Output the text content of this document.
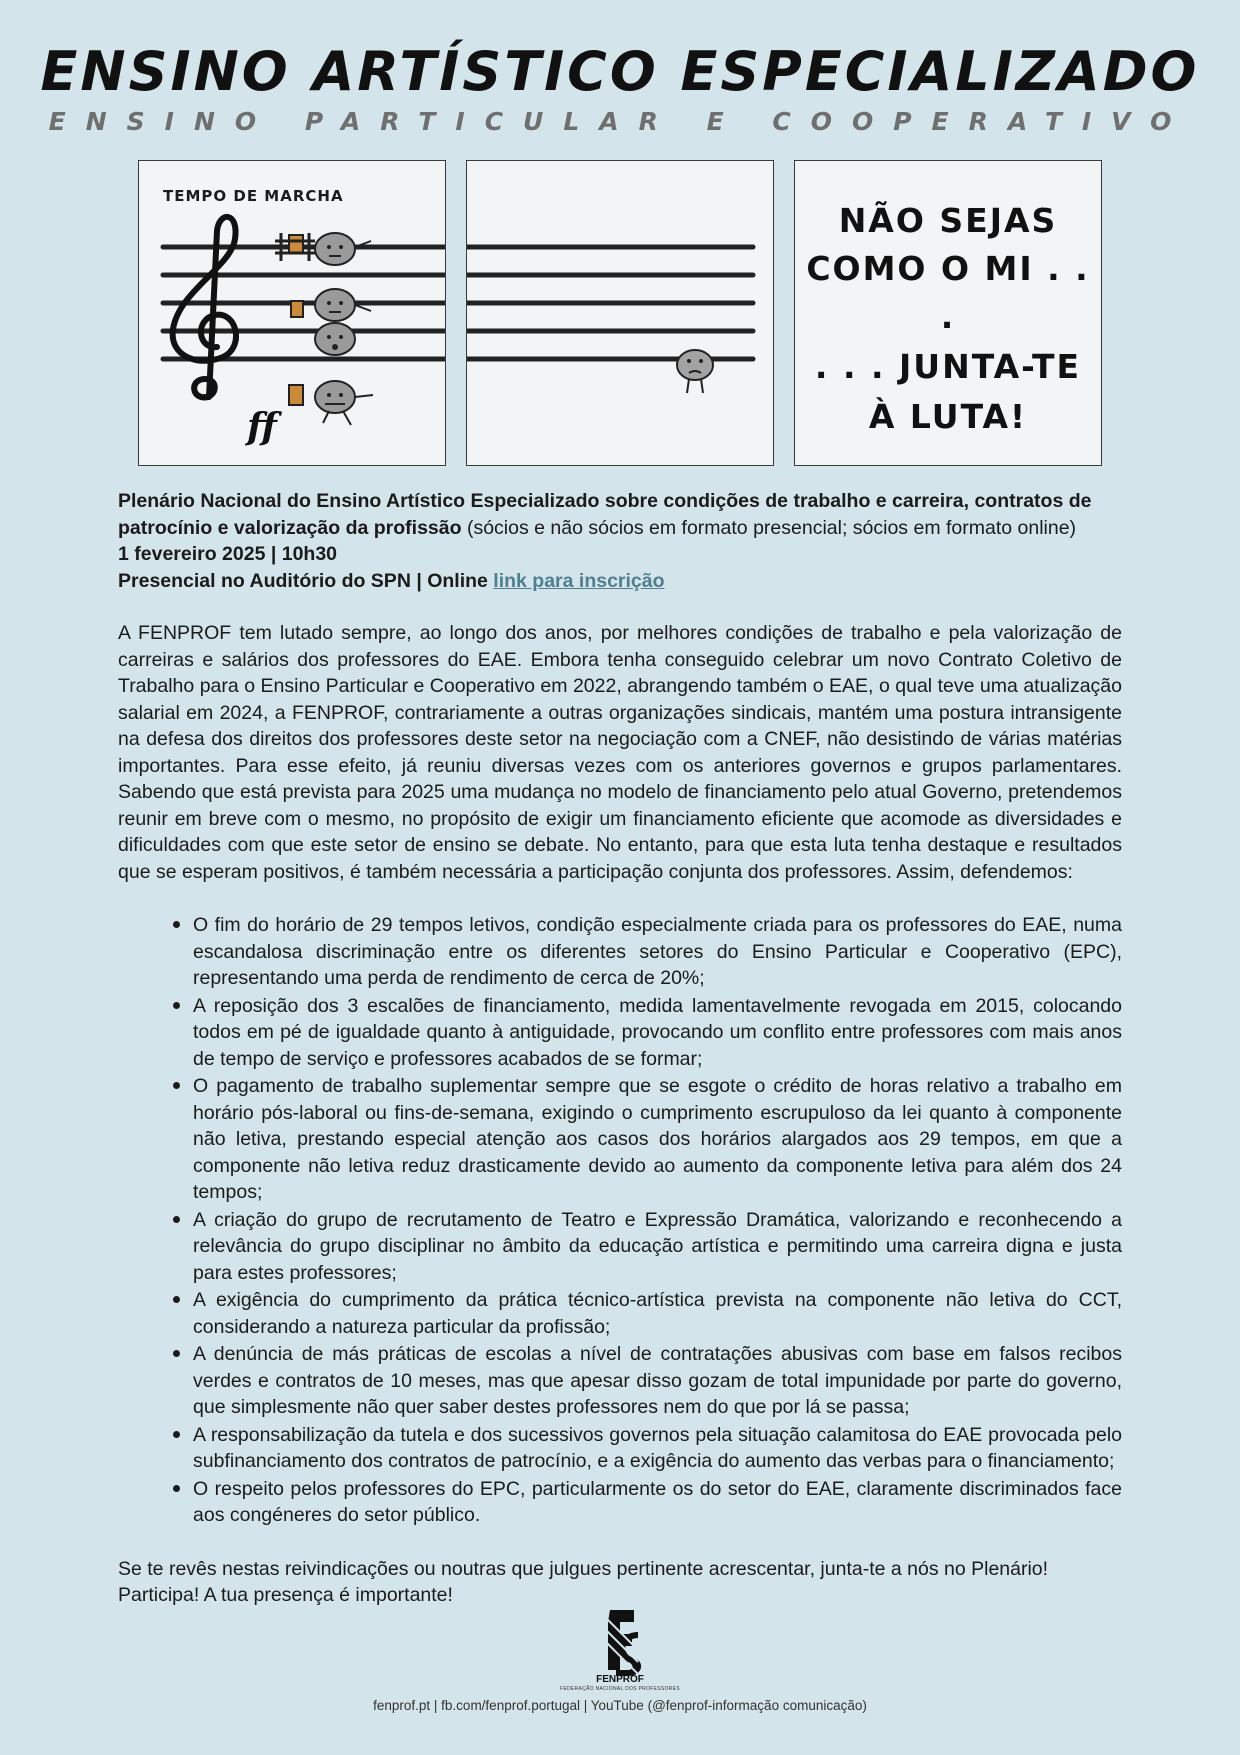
ENSINO ARTÍSTICO ESPECIALIZADO
ENSINO PARTICULAR E COOPERATIVO
ff
TEMPO DE MARCHA
NÃO SEJAS
COMO O MI . . .
. . . JUNTA-TE
À LUTA!

Plenário Nacional do Ensino Artístico Especializado sobre condições de trabalho e carreira, contratos de patrocínio e valorização da profissão (sócios e não sócios em formato presencial; sócios em formato online)

1 fevereiro 2025 | 10h30

Presencial no Auditório do SPN | Online link para inscrição

A FENPROF tem lutado sempre, ao longo dos anos, por melhores condições de trabalho e pela valorização de carreiras e salários dos professores do EAE. Embora tenha conseguido celebrar um novo Contrato Coletivo de Trabalho para o Ensino Particular e Cooperativo em 2022, abrangendo também o EAE, o qual teve uma atualização salarial em 2024, a FENPROF, contrariamente a outras organizações sindicais, mantém uma postura intransigente na defesa dos direitos dos professores deste setor na negociação com a CNEF, não desistindo de várias matérias importantes. Para esse efeito, já reuniu diversas vezes com os anteriores governos e grupos parlamentares. Sabendo que está prevista para 2025 uma mudança no modelo de financiamento pelo atual Governo, pretendemos reunir em breve com o mesmo, no propósito de exigir um financiamento eficiente que acomode as diversidades e dificuldades com que este setor de ensino se debate. No entanto, para que esta luta tenha destaque e resultados que se esperam positivos, é também necessária a participação conjunta dos professores. Assim, defendemos:

• O fim do horário de 29 tempos letivos, condição especialmente criada para os professores do EAE, numa escandalosa discriminação entre os diferentes setores do Ensino Particular e Cooperativo (EPC), representando uma perda de rendimento de cerca de 20%;
• A reposição dos 3 escalões de financiamento, medida lamentavelmente revogada em 2015, colocando todos em pé de igualdade quanto à antiguidade, provocando um conflito entre professores com mais anos de tempo de serviço e professores acabados de se formar;
• O pagamento de trabalho suplementar sempre que se esgote o crédito de horas relativo a trabalho em horário pós-laboral ou fins-de-semana, exigindo o cumprimento escrupuloso da lei quanto à componente não letiva, prestando especial atenção aos casos dos horários alargados aos 29 tempos, em que a componente não letiva reduz drasticamente devido ao aumento da componente letiva para além dos 24 tempos;
• A criação do grupo de recrutamento de Teatro e Expressão Dramática, valorizando e reconhecendo a relevância do grupo disciplinar no âmbito da educação artística e permitindo uma carreira digna e justa para estes professores;
• A exigência do cumprimento da prática técnico-artística prevista na componente não letiva do CCT, considerando a natureza particular da profissão;
• A denúncia de más práticas de escolas a nível de contratações abusivas com base em falsos recibos verdes e contratos de 10 meses, mas que apesar disso gozam de total impunidade por parte do governo, que simplesmente não quer saber destes professores nem do que por lá se passa;
• A responsabilização da tutela e dos sucessivos governos pela situação calamitosa do EAE provocada pelo subfinanciamento dos contratos de patrocínio, e a exigência do aumento das verbas para o financiamento;
• O respeito pelos professores do EPC, particularmente os do setor do EAE, claramente discriminados face aos congéneres do setor público.

Se te revês nestas reivindicações ou noutras que julgues pertinente acrescentar, junta-te a nós no Plenário!

Participa! A tua presença é importante!

FENPROF
FEDERAÇÃO NACIONAL DOS PROFESSORES
fenprof.pt | fb.com/fenprof.portugal | YouTube (@fenprof-informação comunicação)
